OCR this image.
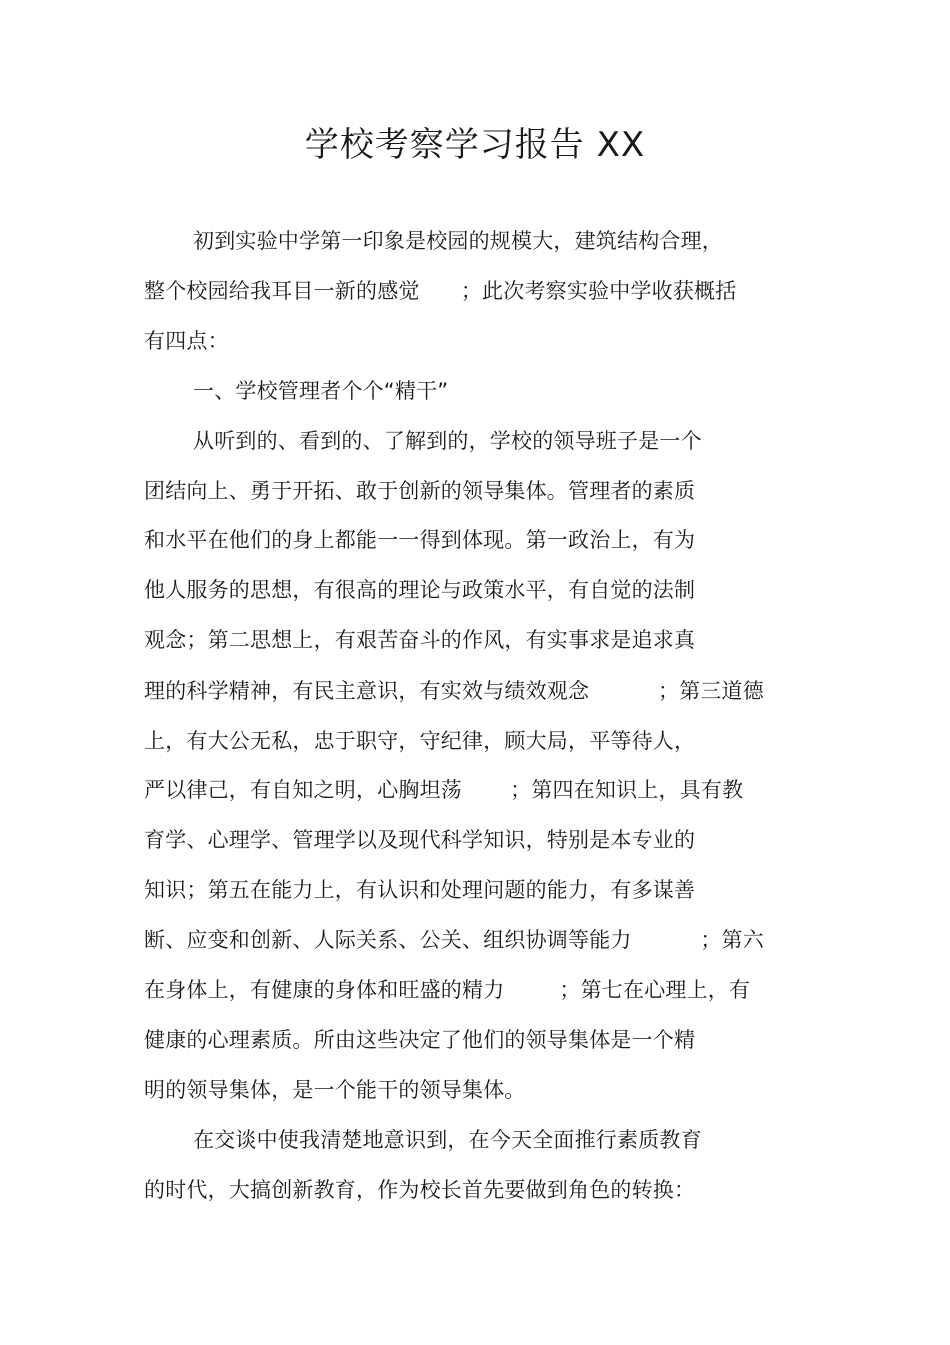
学校考察学习报告 XX
初到实验中学第一印象是校园的规模大，建筑结构合理，
整个校园给我耳目一新的感觉      ；此次考察实验中学收获概括
有四点：
一、学校管理者个个“精干”
从听到的、看到的、了解到的，学校的领导班子是一个
团结向上、勇于开拓、敢于创新的领导集体。管理者的素质
和水平在他们的身上都能一一得到体现。第一政治上，有为
他人服务的思想，有很高的理论与政策水平，有自觉的法制
观念；第二思想上，有艰苦奋斗的作风，有实事求是追求真
理的科学精神，有民主意识，有实效与绩效观念          ；第三道德
上，有大公无私，忠于职守，守纪律，顾大局，平等待人，
严以律己，有自知之明，心胸坦荡       ；第四在知识上，具有教
育学、心理学、管理学以及现代科学知识，特别是本专业的
知识；第五在能力上，有认识和处理问题的能力，有多谋善
断、应变和创新、人际关系、公关、组织协调等能力          ；第六
在身体上，有健康的身体和旺盛的精力        ；第七在心理上，有
健康的心理素质。所由这些决定了他们的领导集体是一个精
明的领导集体，是一个能干的领导集体。
在交谈中使我清楚地意识到，在今天全面推行素质教育
的时代，大搞创新教育，作为校长首先要做到角色的转换：
